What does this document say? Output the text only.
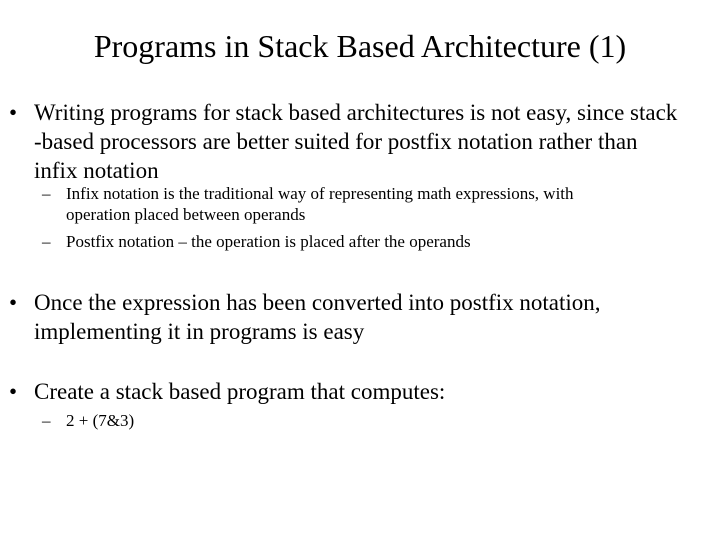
Programs in Stack Based Architecture (1)
• Writing programs for stack based architectures is not easy, since stack
-based processors are better suited for postfix notation rather than
infix notation
– Infix notation is the traditional way of representing math expressions, with
operation placed between operands
– Postfix notation – the operation is placed after the operands
• Once the expression has been converted into postfix notation,
implementing it in programs is easy
• Create a stack based program that computes:
– 2 + (7&3)
